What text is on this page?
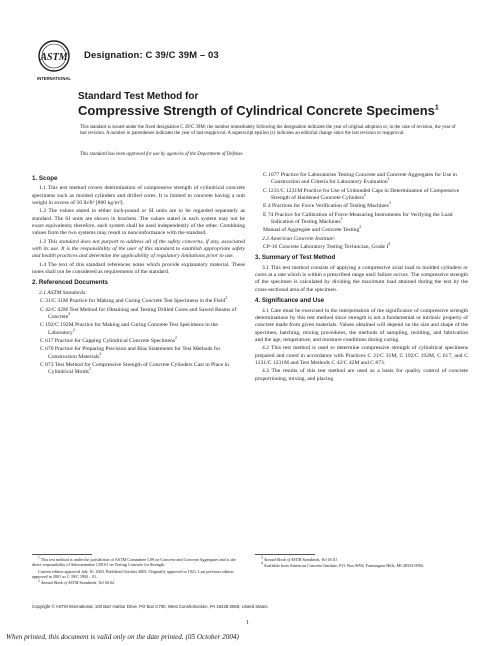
ASTM
INTERNATIONAL
Designation: C 39/C 39M – 03
Standard Test Method for
Compressive Strength of Cylindrical Concrete Specimens$^1$
This standard is issued under the fixed designation C 39/C 39M; the number immediately following the designation indicates the year of original adoption or, in the case of revision, the year of last revision. A number in parentheses indicates the year of last reapproval. A superscript epsilon (ε) indicates an editorial change since the last revision or reapproval.
This standard has been approved for use by agencies of the Department of Defense.
1. Scope

1.1 This test method covers determination of compressive strength of cylindrical concrete specimens such as molded cylinders and drilled cores. It is limited to concrete having a unit weight in excess of 50 lb/ft³ [800 kg/m³].

1.2 The values stated in either inch-pound or SI units are to be regarded separately as standard. The SI units are shown in brackets. The values stated in each system may not be exact equivalents; therefore, each system shall be used independently of the other. Combining values from the two systems may result in nonconformance with the standard.

1.3 This standard does not purport to address all of the safety concerns, if any, associated with its use. It is the responsibility of the user of this standard to establish appropriate safety and health practices and determine the applicability of regulatory limitations prior to use.

1.4 The text of this standard references notes which provide explanatory material. These notes shall not be considered as requirements of the standard.

2. Referenced Documents

2.1 ASTM Standards:

C 31/C 31M Practice for Making and Curing Concrete Test Specimens in the Field$^2$

C 42/C 42M Test Method for Obtaining and Testing Drilled Cores and Sawed Beams of Concrete$^2$

C 192/C 192M Practice for Making and Curing Concrete Test Specimens in the Laboratory$^2$

C 617 Practice for Capping Cylindrical Concrete Specimens$^2$

C 670 Practice for Preparing Precision and Bias Statements for Test Methods for Construction Materials$^2$

C 873 Test Method for Compressive Strength of Concrete Cylinders Cast in Place in Cylindrical Molds$^2$

C 1077 Practice for Laboratories Testing Concrete and Concrete Aggregates for Use in Construction and Criteria for Laboratory Evaluation$^2$

C 1231/C 1231M Practice for Use of Unbonded Caps in Determination of Compressive Strength of Hardened Concrete Cylinders$^2$

E 4 Practices for Force Verification of Testing Machines$^3$

E 74 Practice for Calibration of Force-Measuring Instruments for Verifying the Load Indication of Testing Machines$^3$

Manual of Aggregate and Concrete Testing$^2$

2.2 American Concrete Institute:

CP-16 Concrete Laboratory Testing Technician, Grade $I^4$

3. Summary of Test Method

3.1 This test method consists of applying a compressive axial load to molded cylinders or cores at a rate which is within a prescribed range until failure occurs. The compressive strength of the specimen is calculated by dividing the maximum load attained during the test by the cross-sectional area of the specimen.

4. Significance and Use

4.1 Care must be exercised in the interpretation of the significance of compressive strength determinations by this test method since strength is not a fundamental or intrinsic property of concrete made from given materials. Values obtained will depend on the size and shape of the specimen, batching, mixing procedures, the methods of sampling, molding, and fabrication and the age, temperature, and moisture conditions during curing.

4.2 This test method is used to determine compressive strength of cylindrical specimens prepared and cured in accordance with Practices C 31/C 31M, C 192/C 192M, C 617, and C 1231/C 1231M and Test Methods C 42/C 42M and C 873.

4.3 The results of this test method are used as a basis for quality control of concrete proportioning, mixing, and placing

$^1$ This test method is under the jurisdiction of ASTM Committee C09 on Concrete and Concrete Aggregates and is the direct responsibility of Subcommittee C09.61 on Testing Concrete for Strength.

Current edition approved July 10, 2003. Published October 2003. Originally approved in 1921. Last previous edition approved in 2001 as C 39/C 39M – 01.

$^2$ Annual Book of ASTM Standards, Vol 04.02.

$^3$ Annual Book of ASTM Standards, Vol 03.01.

$^4$ Available from American Concrete Institute, P.O. Box 9094, Farmington Hills, MI 48333-9094.

Copyright © ASTM International, 100 Barr Harbor Drive, PO Box C700, West Conshohocken, PA 19428-2959, United States.
1
When printed, this document is valid only on the date printed. (05 October 2004)
